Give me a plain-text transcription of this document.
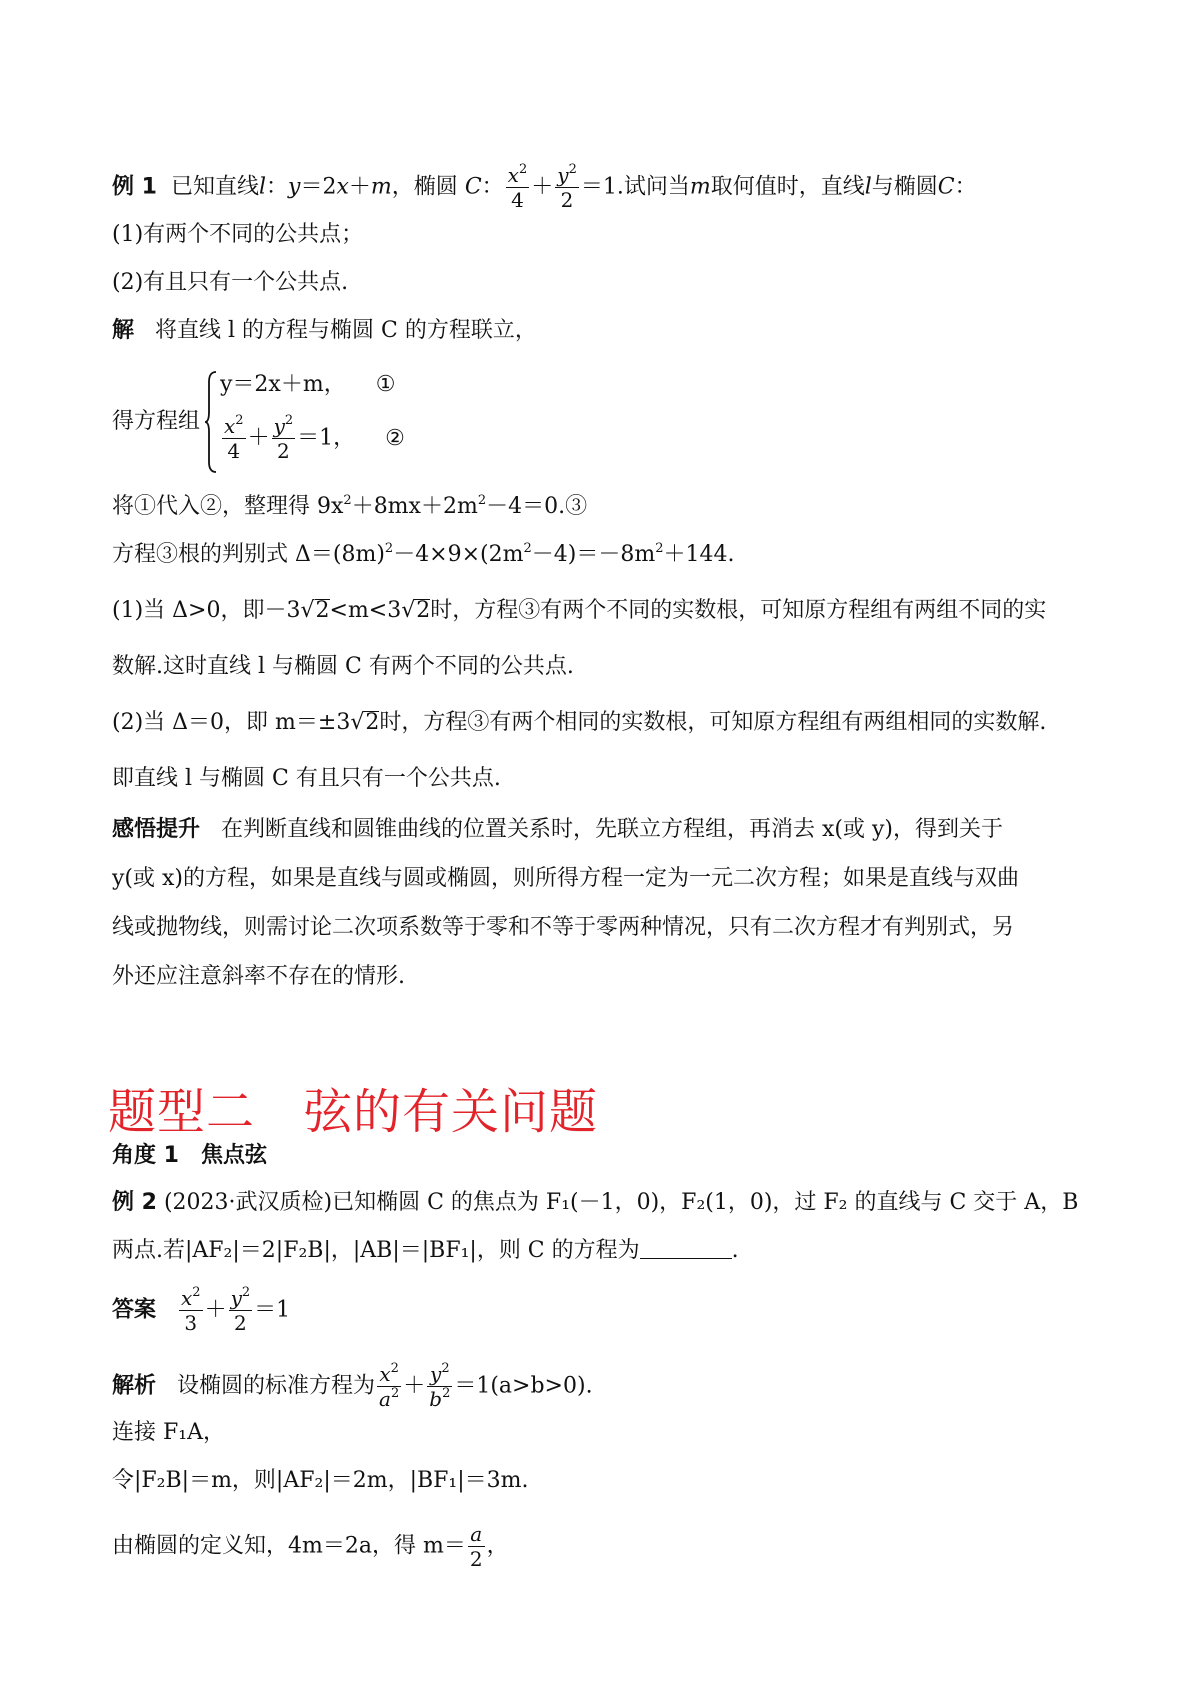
例 1 已知直线l：y＝2x＋m，椭圆 C： $\frac{x^2}{4} + \frac{y^2}{2} =1$.试问当m取何值时，直线l与椭圆C：
(1)有两个不同的公共点；
(2)有且只有一个公共点.
解 将直线 l 的方程与椭圆 C 的方程联立，
得方程组
y＝2x＋m， ①
$\frac{x^2}{4} + \frac{y^2}{2} =1$， ②
将①代入②，整理得 $9x^2+8mx+2m^2-4=0.③$
方程③根的判别式 $\Delta=(8m)^2-4\times 9\times(2m^2-4)=-8m^2+144$.
(1)当 Δ>0，即－3√2<m<3√2时，方程③有两个不同的实数根，可知原方程组有两组不同的实
数解.这时直线 l 与椭圆 C 有两个不同的公共点.
(2)当 Δ＝0，即 m＝±3√2时，方程③有两个相同的实数根，可知原方程组有两组相同的实数解.
即直线 l 与椭圆 C 有且只有一个公共点.
感悟提升 在判断直线和圆锥曲线的位置关系时，先联立方程组，再消去 x(或 y)，得到关于
y(或 x)的方程，如果是直线与圆或椭圆，则所得方程一定为一元二次方程；如果是直线与双曲
线或抛物线，则需讨论二次项系数等于零和不等于零两种情况，只有二次方程才有判别式，另
外还应注意斜率不存在的情形.
题型二　弦的有关问题
角度 1　焦点弦
例 2 (2023·武汉质检)已知椭圆 C 的焦点为 F₁(－1，0)，F₂(1，0)，过 F₂ 的直线与 C 交于 A，B
两点.若|AF₂|＝2|F₂B|，|AB|＝|BF₁|，则 C 的方程为	.
答案 $\frac{x^2}{3} + \frac{y^2}{2} =1$
解析 设椭圆的标准方程为 $\frac{x^2}{a^2} + \frac{y^2}{b^2} =1(a>b>0)$.
连接 F₁A，
令|F₂B|＝m，则|AF₂|＝2m，|BF₁|＝3m.
由椭圆的定义知，4m＝2a，得 $m= \frac{a}{2}$ ，
